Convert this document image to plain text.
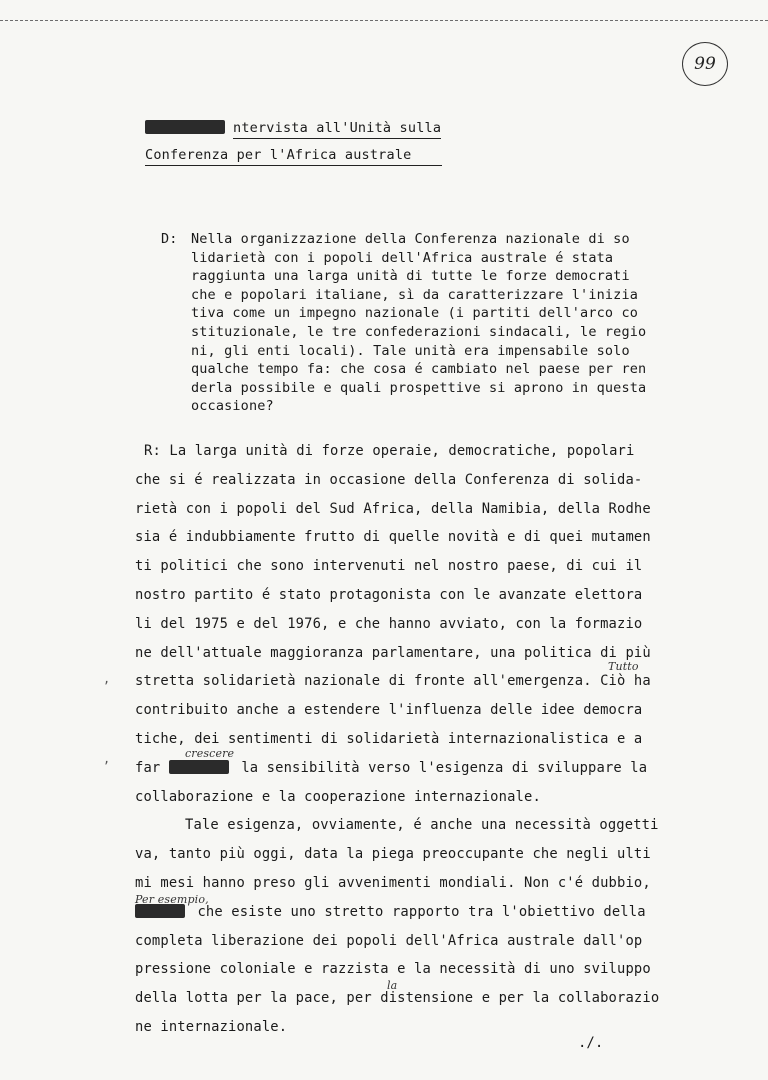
99
ntervista all'Unità sulla
Conferenza per l'Africa australe
D: Nella organizzazione della Conferenza nazionale di so
lidarietà con i popoli dell'Africa australe é stata
raggiunta una larga unità di tutte le forze democrati
che e popolari italiane, sì da caratterizzare l'inizia
tiva come un impegno nazionale (i partiti dell'arco co
stituzionale, le tre confederazioni sindacali, le regio
ni, gli enti locali). Tale unità era impensabile solo
qualche tempo fa: che cosa é cambiato nel paese per ren
derla possibile e quali prospettive si aprono in questa
occasione?
R: La larga unità di forze operaie, democratiche, popolari
che si é realizzata in occasione della Conferenza di solida-
rietà con i popoli del Sud Africa, della Namibia, della Rodhe
sia é indubbiamente frutto di quelle novità e di quei mutamen
ti politici che sono intervenuti nel nostro paese, di cui il
nostro partito é stato protagonista con le avanzate elettora
li del 1975 e del 1976, e che hanno avviato, con la formazio
ne dell'attuale maggioranza parlamentare, una politica di più
stretta solidarietà nazionale di fronte all'emergenza. Ciò ha
Tutto
contribuito anche a estendere l'influenza delle idee democra
tiche, dei sentimenti di solidarietà internazionalistica e a
far	la sensibilità verso l'esigenza di sviluppare la
crescere
collaborazione e la cooperazione internazionale.
Tale esigenza, ovviamente, é anche una necessità oggetti
va, tanto più oggi, data la piega preoccupante che negli ulti
mi mesi hanno preso gli avvenimenti mondiali. Non c'é dubbio,
che esiste uno stretto rapporto tra l'obiettivo della
Per esempio,
completa liberazione dei popoli dell'Africa australe dall'op
pressione coloniale e razzista e la necessità di uno sviluppo
della lotta per la pace, per distensione e per la collaborazio
la
ne internazionale.
,
,
./.
